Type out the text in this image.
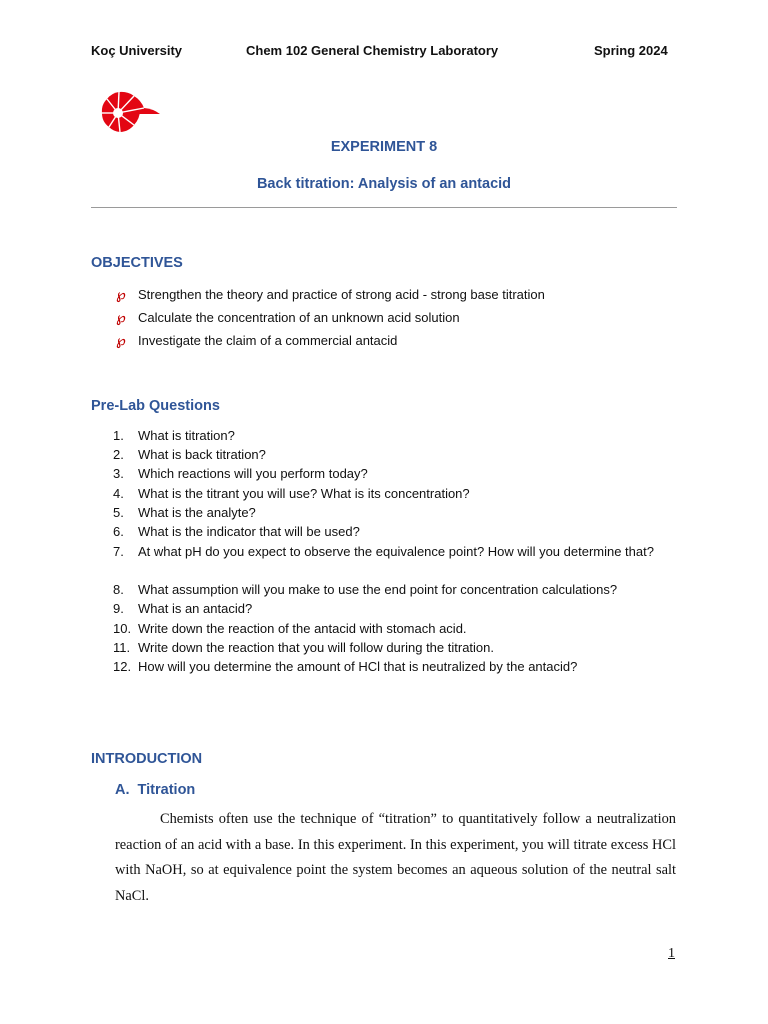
Koç University	Chem 102 General Chemistry Laboratory	Spring 2024
EXPERIMENT 8
Back titration: Analysis of an antacid
OBJECTIVES
℘ Strengthen the theory and practice of strong acid - strong base titration
℘ Calculate the concentration of an unknown acid solution
℘ Investigate the claim of a commercial antacid
Pre-Lab Questions
1. What is titration?
2. What is back titration?
3. Which reactions will you perform today?
4. What is the titrant you will use? What is its concentration?
5. What is the analyte?
6. What is the indicator that will be used?
7. At what pH do you expect to observe the equivalence point? How will you determine that?
8. What assumption will you make to use the end point for concentration calculations?
9. What is an antacid?
10. Write down the reaction of the antacid with stomach acid.
11. Write down the reaction that you will follow during the titration.
12. How will you determine the amount of HCl that is neutralized by the antacid?
INTRODUCTION
A.  Titration
Chemists often use the technique of “titration” to quantitatively follow a neutralization reaction of an acid with a base. In this experiment. In this experiment, you will titrate excess HCl with NaOH, so at equivalence point the system becomes an aqueous solution of the neutral salt NaCl.
1
